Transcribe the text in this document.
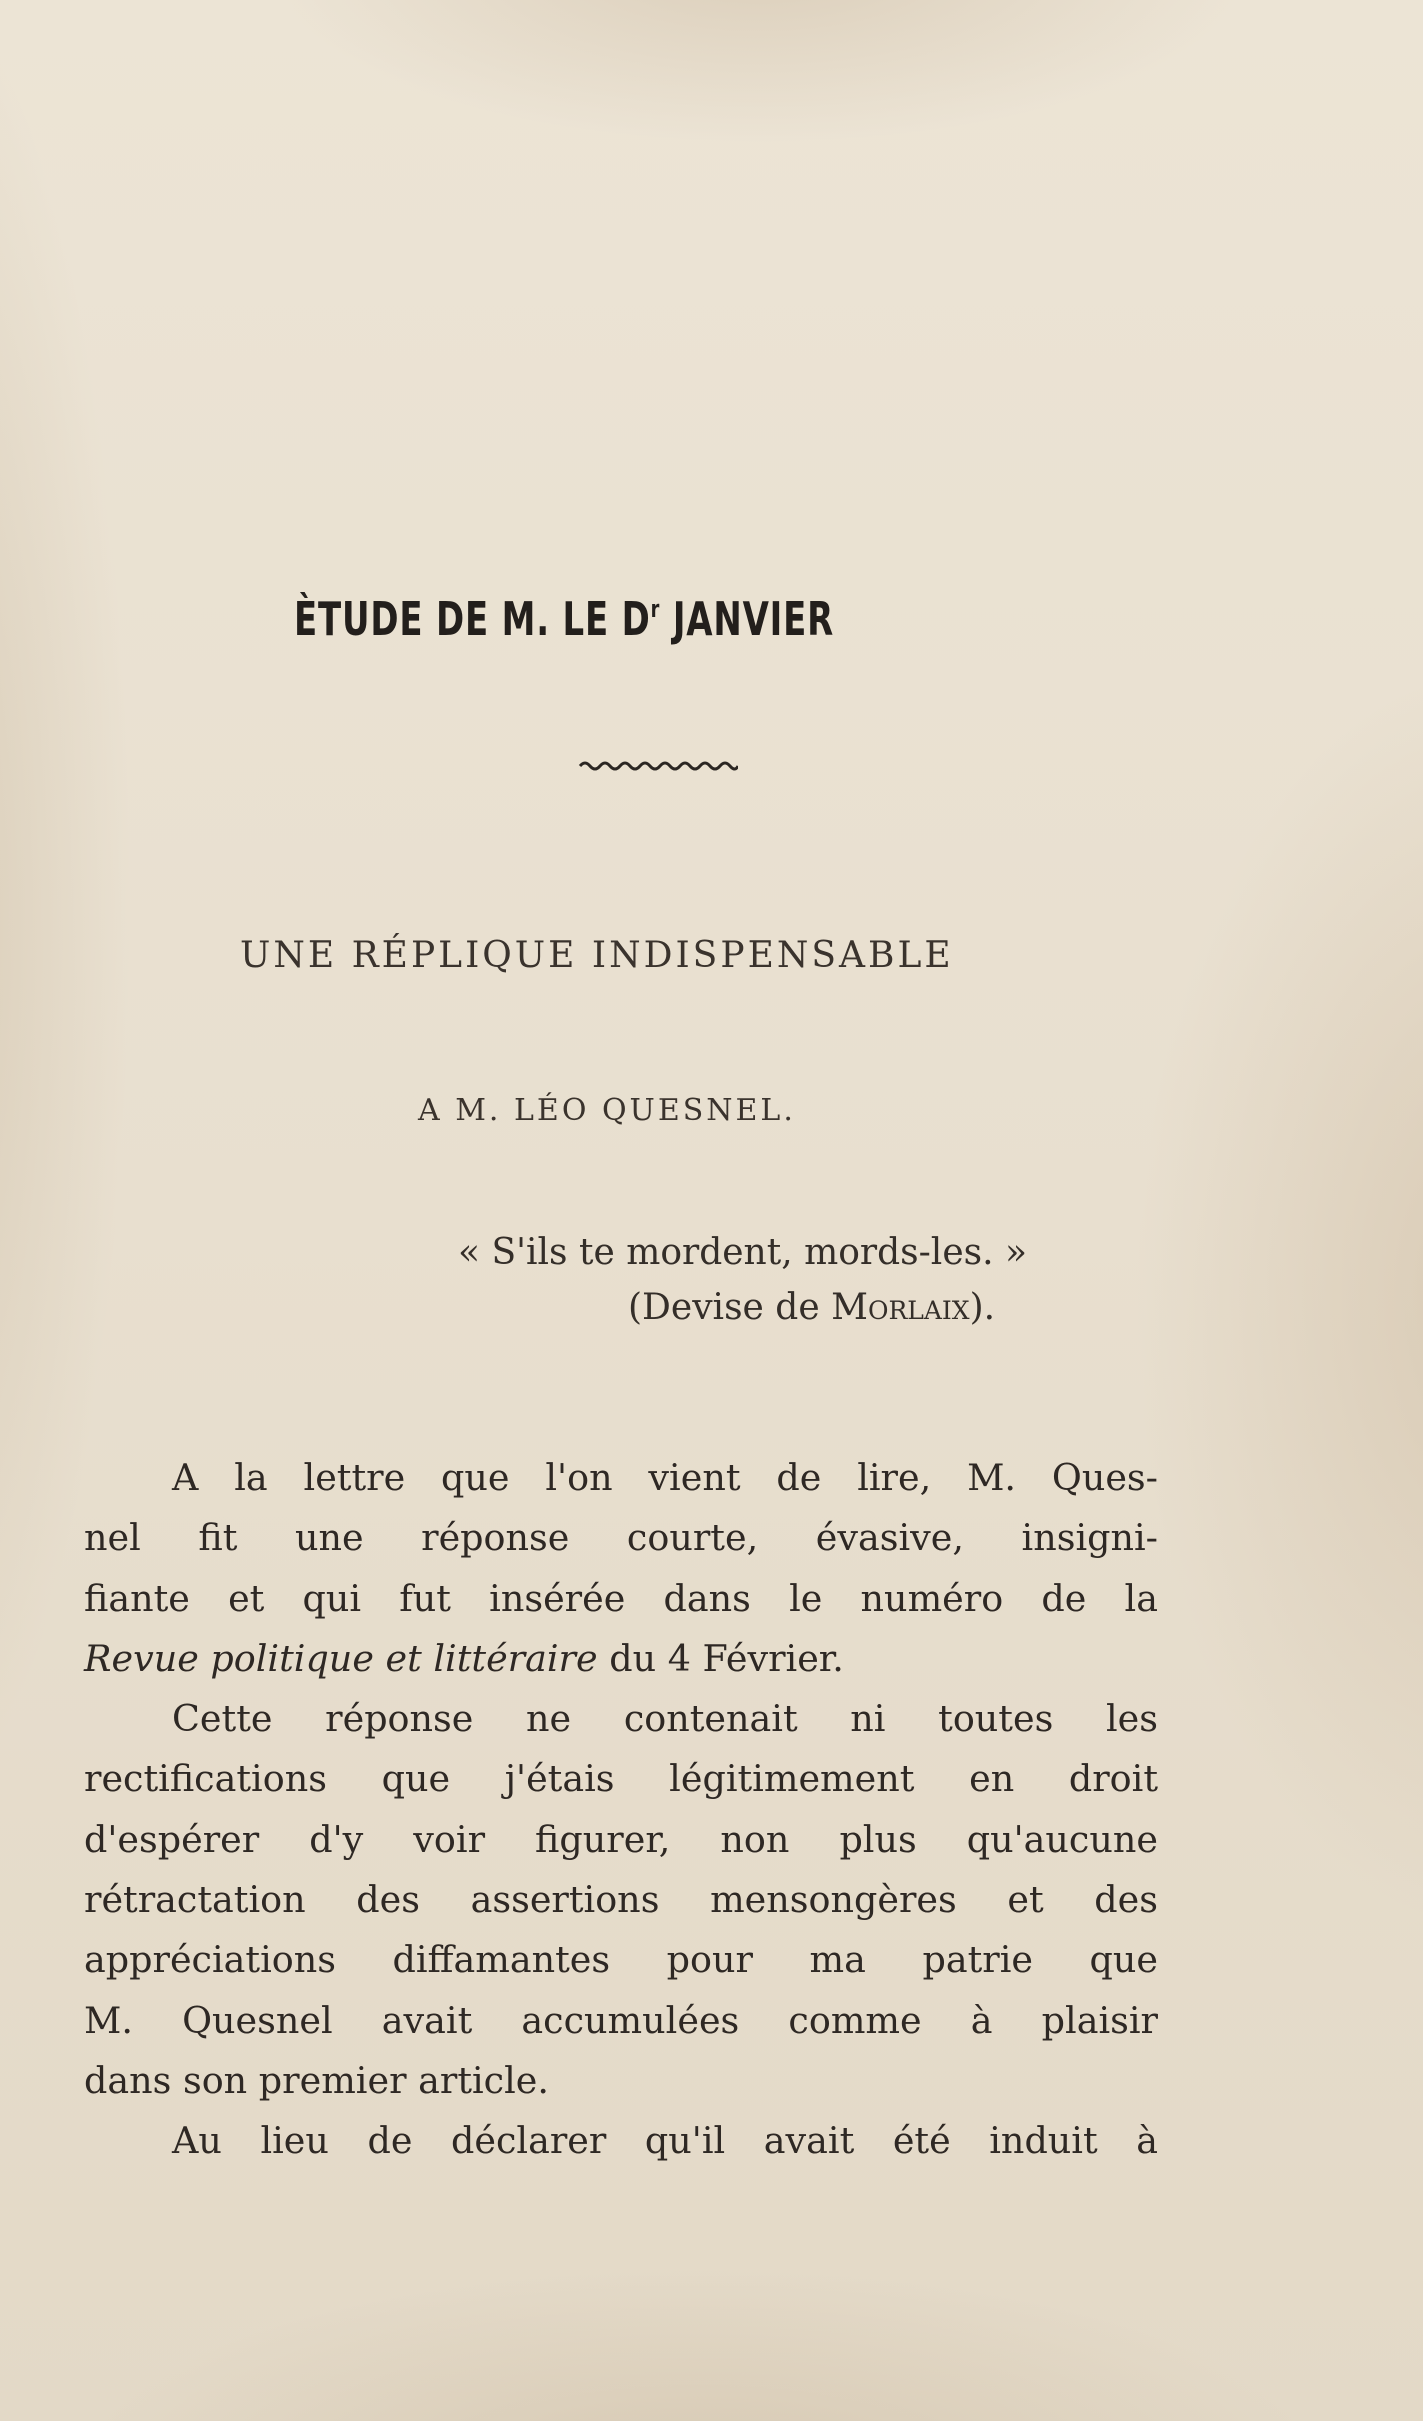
ÈTUDE DE M. LE $D^r$ JANVIER
UNE RÉPLIQUE INDISPENSABLE
A M. LÉO QUESNEL.
« S'ils te mordent, mords-les. »
(Devise de Morlaix).

A la lettre que l'on vient de lire, M. Ques-
nel fit une réponse courte, évasive, insigni-
fiante et qui fut insérée dans le numéro de la
Revue politique et littéraire du 4 Février.

Cette réponse ne contenait ni toutes les
rectifications que j'étais légitimement en droit
d'espérer d'y voir figurer, non plus qu'aucune
rétractation des assertions mensongères et des
appréciations diffamantes pour ma patrie que
M. Quesnel avait accumulées comme à plaisir
dans son premier article.

Au lieu de déclarer qu'il avait été induit à
